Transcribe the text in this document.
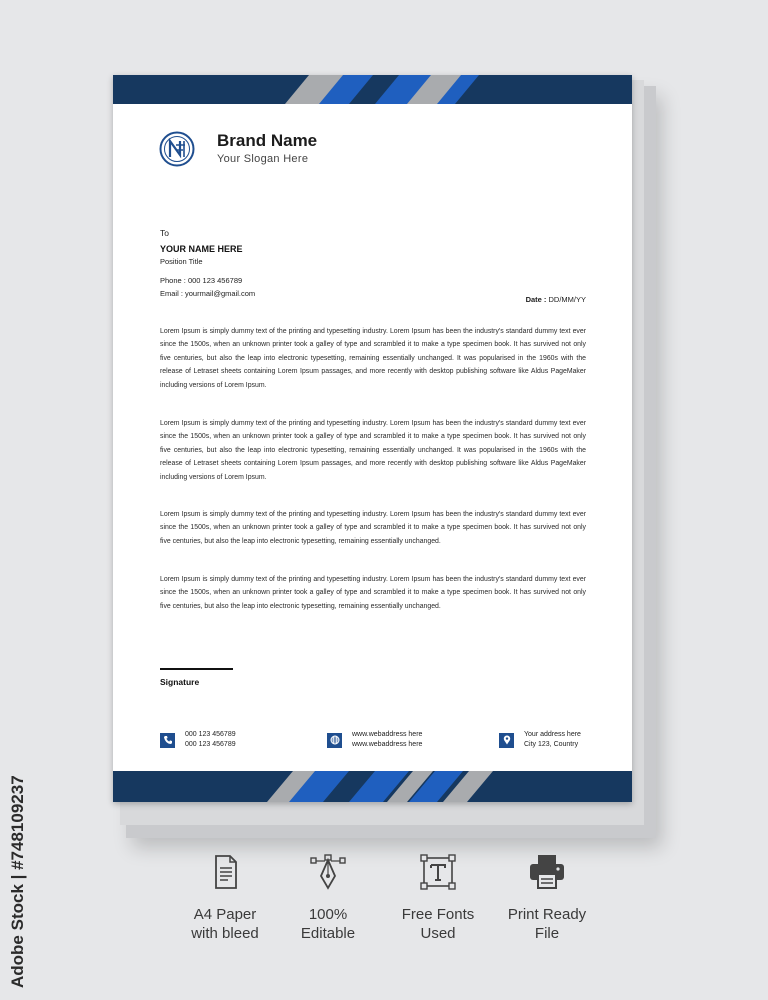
Brand Name
Your Slogan Here
To
YOUR NAME HERE
Position Title
Phone : 000 123 456789
Email : yourmail@gmail.com
Date : DD/MM/YY

Lorem Ipsum is simply dummy text of the printing and typesetting industry. Lorem Ipsum has been the industry's standard dummy text ever since the 1500s, when an unknown printer took a galley of type and scrambled it to make a type specimen book. It has survived not only five centuries, but also the leap into electronic typesetting, remaining essentially unchanged. It was popularised in the 1960s with the release of Letraset sheets containing Lorem Ipsum passages, and more recently with desktop publishing software like Aldus PageMaker including versions of Lorem Ipsum.

Lorem Ipsum is simply dummy text of the printing and typesetting industry. Lorem Ipsum has been the industry's standard dummy text ever since the 1500s, when an unknown printer took a galley of type and scrambled it to make a type specimen book. It has survived not only five centuries, but also the leap into electronic typesetting, remaining essentially unchanged. It was popularised in the 1960s with the release of Letraset sheets containing Lorem Ipsum passages, and more recently with desktop publishing software like Aldus PageMaker including versions of Lorem Ipsum.

Lorem Ipsum is simply dummy text of the printing and typesetting industry. Lorem Ipsum has been the industry's standard dummy text ever since the 1500s, when an unknown printer took a galley of type and scrambled it to make a type specimen book. It has survived not only five centuries, but also the leap into electronic typesetting, remaining essentially unchanged.

Lorem Ipsum is simply dummy text of the printing and typesetting industry. Lorem Ipsum has been the industry's standard dummy text ever since the 1500s, when an unknown printer took a galley of type and scrambled it to make a type specimen book. It has survived not only five centuries, but also the leap into electronic typesetting, remaining essentially unchanged.

Signature
000 123 456789
000 123 456789
www.webaddress here
www.webaddress here
Your address here
City 123, Country
A4 Paper
with bleed
100%
Editable
Free Fonts
Used
Print Ready
File
Adobe Stock | #748109237
